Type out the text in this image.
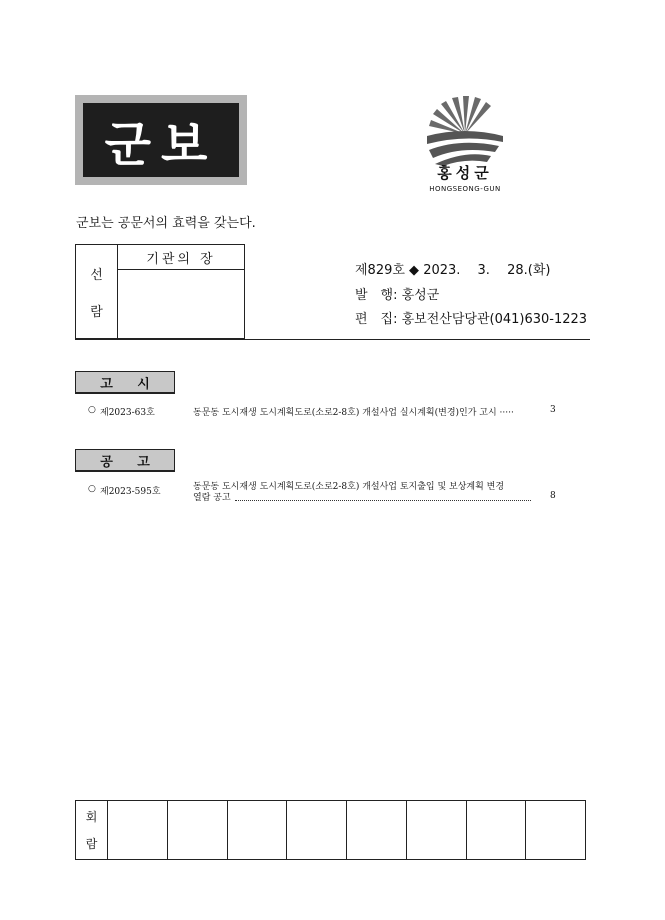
군보
홍성군
HONGSEONG-GUN
군보는 공문서의 효력을 갖는다.
선
람
기관의 장
제829호 ◆ 2023.　 3.　 28.(화)
발　행: 홍성군
편　집: 홍보전산담당관(041)630-1223
고 시
○ 제2023-63호	동문동 도시재생 도시계획도로(소로2-8호) 개설사업 실시계획(변경)인가 고시 ·····	3
공 고
○ 제2023-595호	동문동 도시재생 도시계획도로(소로2-8호) 개설사업 토지출입 및 보상계획 변경
열람 공고	8
회
람
